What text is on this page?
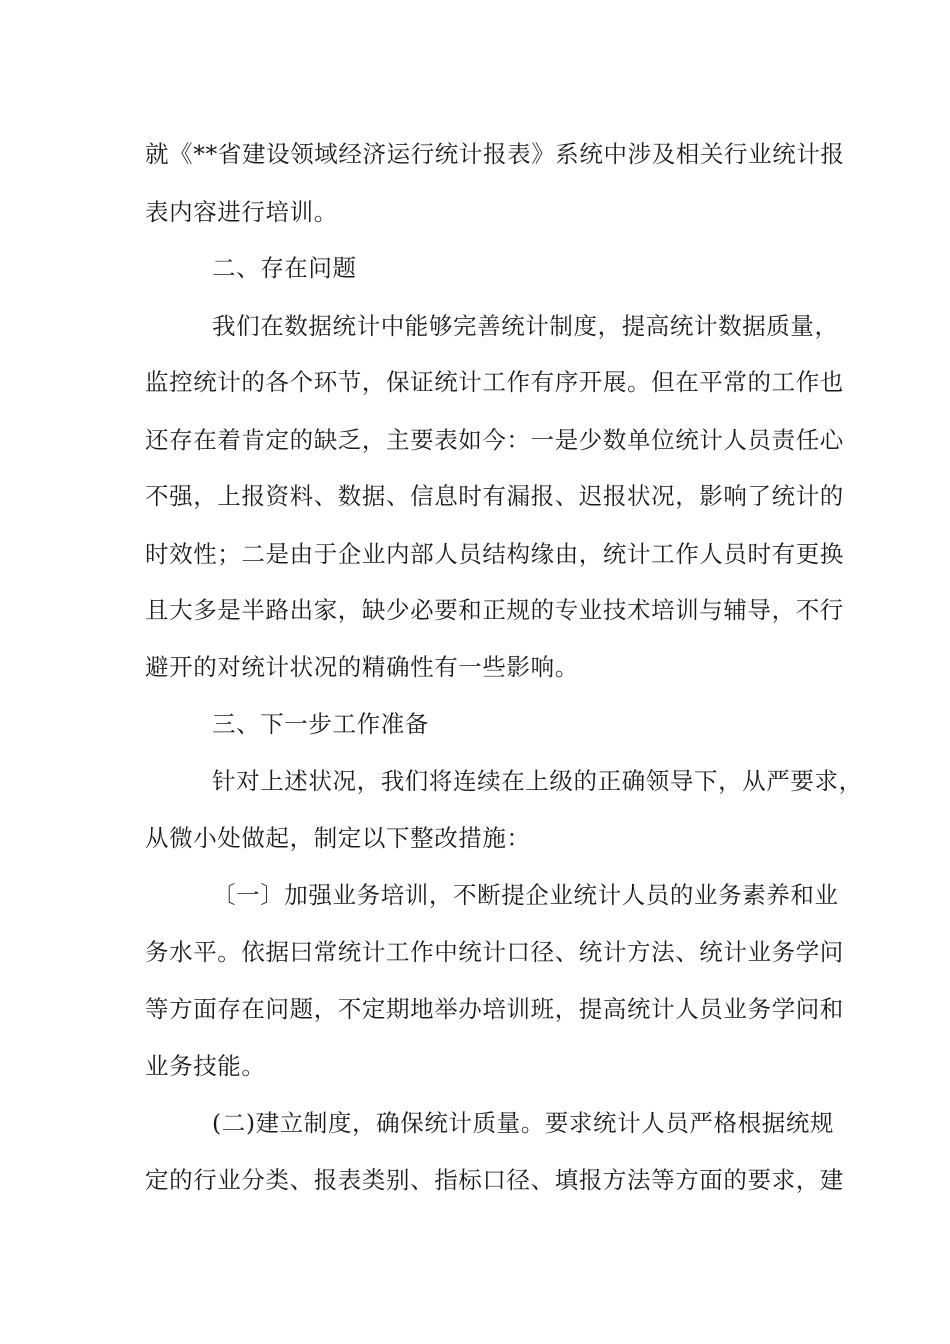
就《**省建设领域经济运行统计报表》系统中涉及相关行业统计报
表内容进行培训。
二、存在问题
我们在数据统计中能够完善统计制度，提高统计数据质量，
监控统计的各个环节，保证统计工作有序开展。但在平常的工作也
还存在着肯定的缺乏，主要表如今：一是少数单位统计人员责任心
不强，上报资料、数据、信息时有漏报、迟报状况，影响了统计的
时效性；二是由于企业内部人员结构缘由，统计工作人员时有更换
且大多是半路出家，缺少必要和正规的专业技术培训与辅导，不行
避开的对统计状况的精确性有一些影响。
三、下一步工作准备
针对上述状况，我们将连续在上级的正确领导下，从严要求，
从微小处做起，制定以下整改措施：
〔一〕加强业务培训，不断提企业统计人员的业务素养和业
务水平。依据曰常统计工作中统计口径、统计方法、统计业务学问
等方面存在问题，不定期地举办培训班，提高统计人员业务学问和
业务技能。
(二)建立制度，确保统计质量。要求统计人员严格根据统规
定的行业分类、报表类别、指标口径、填报方法等方面的要求，建
